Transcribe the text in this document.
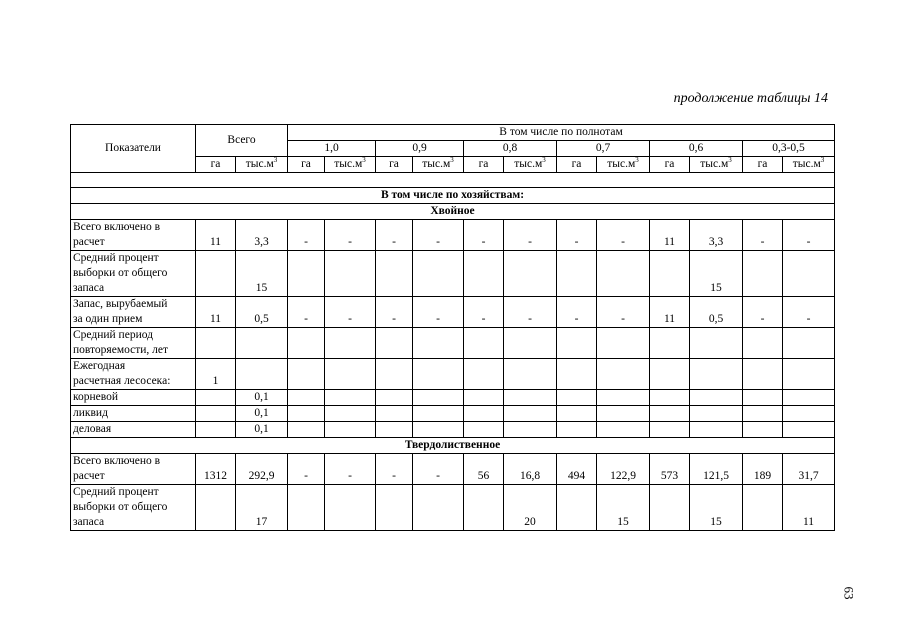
продолжение таблицы 14
Показатели	Всего		В том числе по полнотам											
			1,0		0,9		0,8		0,7		0,6		0,3-0,5	
	га	$тыс.м^3$	га	$тыс.м^3$	га	$тыс.м^3$	га	$тыс.м^3$	га	$тыс.м^3$	га	$тыс.м^3$	га	$тыс.м^3$

В том числе по хозяйствам:														
Хвойное														

Всего включено в
расчет	11	3,3	-	-	-	-	-	-	-	-	11	3,3	-	-

Средний процент
выборки от общего
запаса		15										15		

Запас, вырубаемый
за один прием	11	0,5	-	-	-	-	-	-	-	-	11	0,5	-	-

Средний период
повторяемости, лет														

Ежегодная
расчетная лесосека:	1													

корневой		0,1												

ликвид		0,1												

деловая		0,1												
Твердолиственное														

Всего включено в
расчет	1312	292,9	-	-	-	-	56	16,8	494	122,9	573	121,5	189	31,7

Средний процент
выборки от общего
запаса		17						20		15		15		11
63
